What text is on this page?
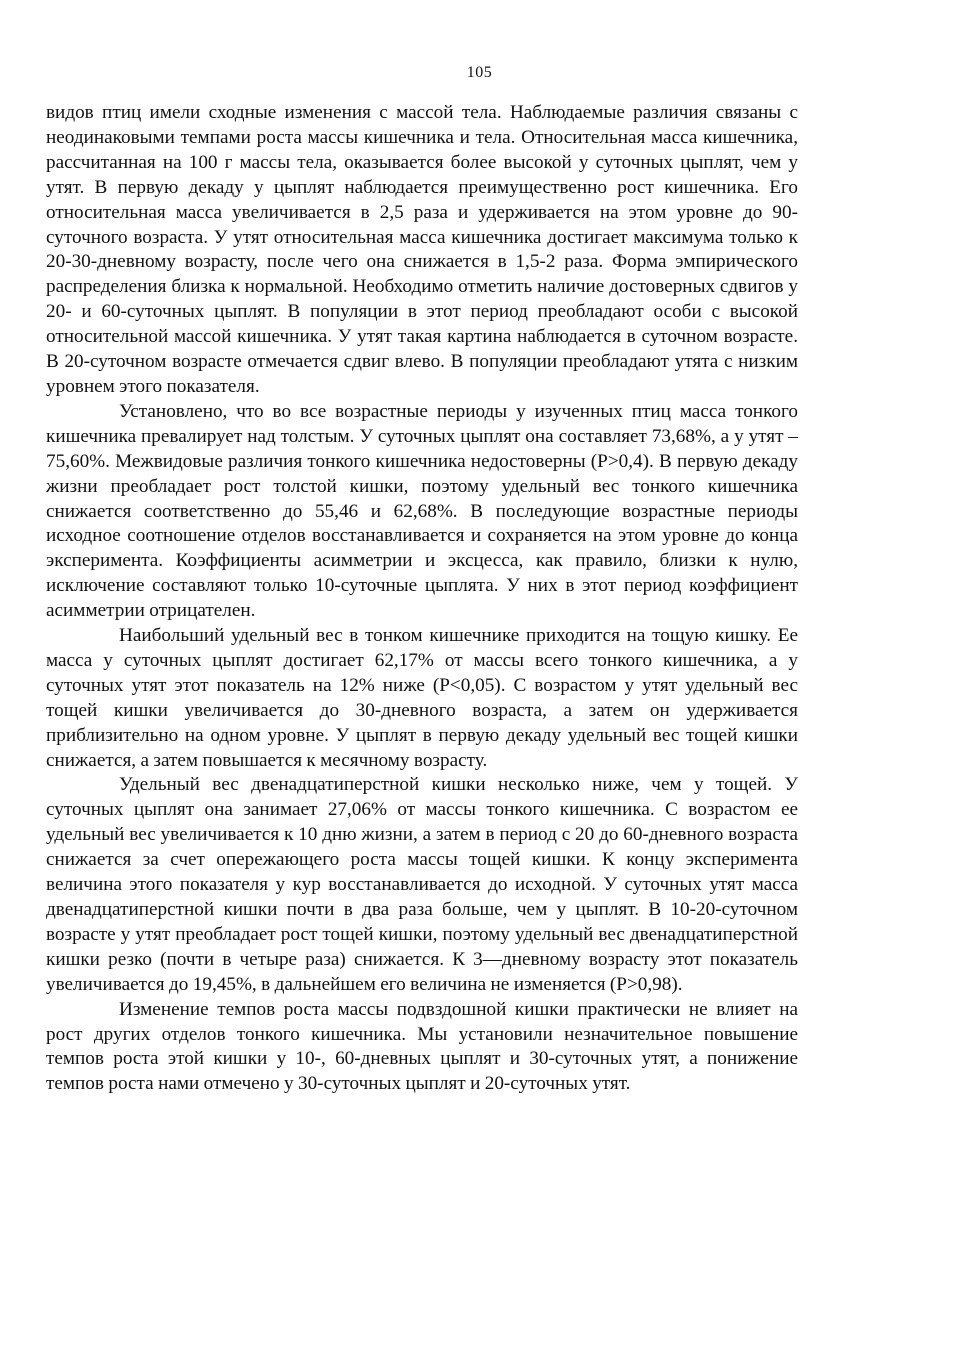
105

видов птиц имели сходные изменения с массой тела. Наблюдаемые различия связаны с неодинаковыми темпами роста массы кишечника и тела. Относительная масса кишечника, рассчитанная на 100 г массы тела, оказывается более высокой у суточных цыплят, чем у утят. В первую декаду у цыплят наблюдается преимущественно рост кишечника. Его относительная масса увеличивается в 2,5 раза и удерживается на этом уровне до 90-суточного возраста. У утят относительная масса кишечника достигает максимума только к 20-30-дневному возрасту, после чего она снижается в 1,5-2 раза. Форма эмпирического распределения близка к нормальной. Необходимо отметить наличие достоверных сдвигов у 20- и 60-суточных цыплят. В популяции в этот период преобладают особи с высокой относительной массой кишечника. У утят такая картина наблюдается в суточном возрасте. В 20-суточном возрасте отмечается сдвиг влево. В популяции преобладают утята с низким уровнем этого показателя.

Установлено, что во все возрастные периоды у изученных птиц масса тонкого кишечника превалирует над толстым. У суточных цыплят она составляет 73,68%, а у утят –75,60%. Межвидовые различия тонкого кишечника недостоверны (Р>0,4). В первую декаду жизни преобладает рост толстой кишки, поэтому удельный вес тонкого кишечника снижается соответственно до 55,46 и 62,68%. В последующие возрастные периоды исходное соотношение отделов восстанавливается и сохраняется на этом уровне до конца эксперимента. Коэффициенты асимметрии и эксцесса, как правило, близки к нулю, исключение составляют только 10-суточные цыплята. У них в этот период коэффициент асимметрии отрицателен.

Наибольший удельный вес в тонком кишечнике приходится на тощую кишку. Ее масса у суточных цыплят достигает 62,17% от массы всего тонкого кишечника, а у суточных утят этот показатель на 12% ниже (Р<0,05). С возрастом у утят удельный вес тощей кишки увеличивается до 30-дневного возраста, а затем он удерживается приблизительно на одном уровне. У цыплят в первую декаду удельный вес тощей кишки снижается, а затем повышается к месячному возрасту.

Удельный вес двенадцатиперстной кишки несколько ниже, чем у тощей. У суточных цыплят она занимает 27,06% от массы тонкого кишечника. С возрастом ее удельный вес увеличивается к 10 дню жизни, а затем в период с 20 до 60-дневного возраста снижается за счет опережающего роста массы тощей кишки. К концу эксперимента величина этого показателя у кур восстанавливается до исходной. У суточных утят масса двенадцатиперстной кишки почти в два раза больше, чем у цыплят. В 10-20-суточном возрасте у утят преобладает рост тощей кишки, поэтому удельный вес двенадцатиперстной кишки резко (почти в четыре раза) снижается. К 3—дневному возрасту этот показатель увеличивается до 19,45%, в дальнейшем его величина не изменяется (Р>0,98).

Изменение темпов роста массы подвздошной кишки практически не влияет на рост других отделов тонкого кишечника. Мы установили незначительное повышение темпов роста этой кишки у 10-, 60-дневных цыплят и 30-суточных утят, а понижение темпов роста нами отмечено у 30-суточных цыплят и 20-суточных утят.
